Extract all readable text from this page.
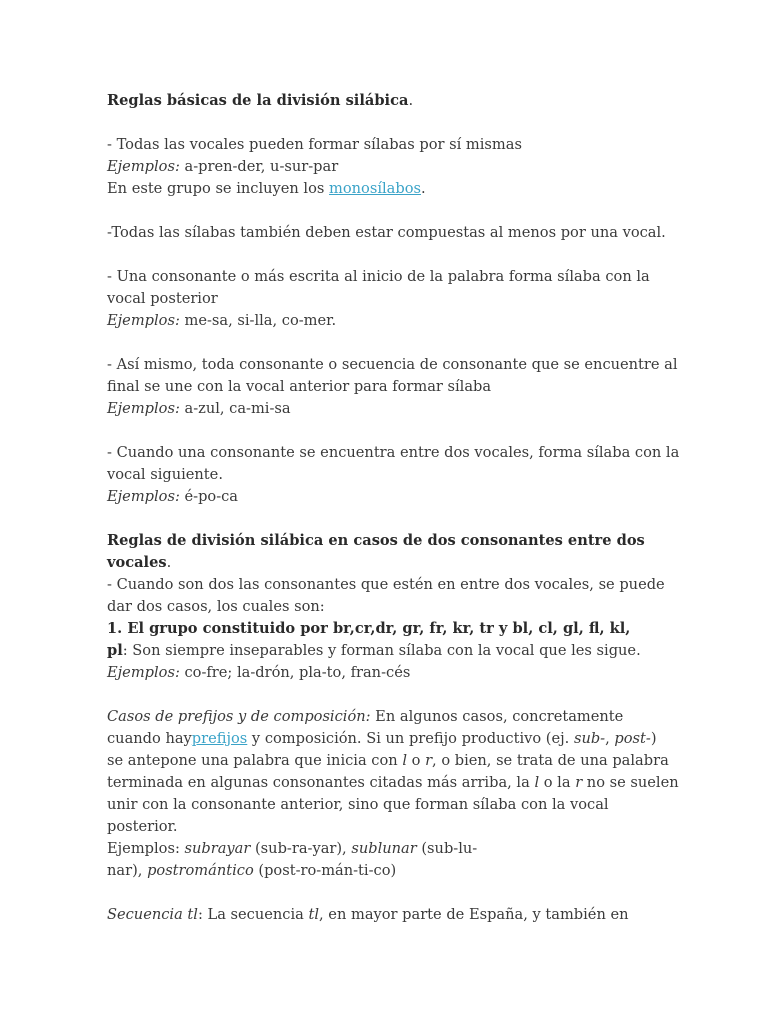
Reglas básicas de la división silábica.

- Todas las vocales pueden formar sílabas por sí mismas

Ejemplos: a-pren-der, u-sur-par

En este grupo se incluyen los monosílabos.

-Todas las sílabas también deben estar compuestas al menos por una vocal.

- Una consonante o más escrita al inicio de la palabra forma sílaba con la

vocal posterior

Ejemplos: me-sa, si-lla, co-mer.

- Así mismo, toda consonante o secuencia de consonante que se encuentre al

final se une con la vocal anterior para formar sílaba

Ejemplos: a-zul, ca-mi-sa

- Cuando una consonante se encuentra entre dos vocales, forma sílaba con la

vocal siguiente.

Ejemplos: é-po-ca

Reglas de división silábica en casos de dos consonantes entre dos

vocales.

- Cuando son dos las consonantes que estén en entre dos vocales, se puede

dar dos casos, los cuales son:

1. El grupo constituido por br,cr,dr, gr, fr, kr, tr y bl, cl, gl, fl, kl,

pl: Son siempre inseparables y forman sílaba con la vocal que les sigue.

Ejemplos: co-fre; la-drón, pla-to, fran-cés

Casos de prefijos y de composición: En algunos casos, concretamente

cuando hayprefijos y composición. Si un prefijo productivo (ej. sub-, post-)

se antepone una palabra que inicia con l o r, o bien, se trata de una palabra

terminada en algunas consonantes citadas más arriba, la l o la r no se suelen

unir con la consonante anterior, sino que forman sílaba con la vocal

posterior.

Ejemplos: subrayar (sub-ra-yar), sublunar (sub-lu-

nar), postromántico (post-ro-mán-ti-co)

Secuencia tl: La secuencia tl, en mayor parte de España, y también en
